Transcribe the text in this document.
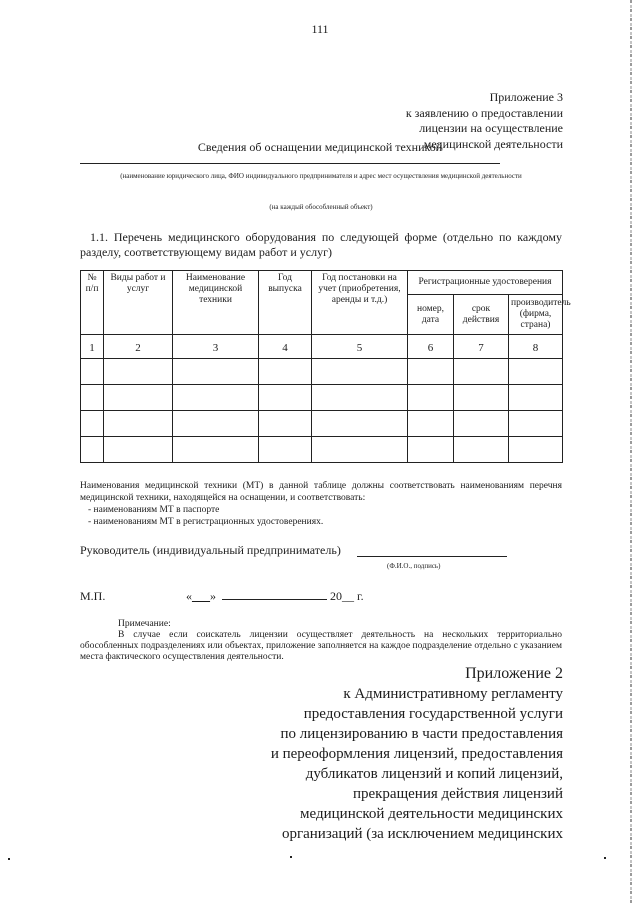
111
Приложение 3
к заявлению о предоставлении
лицензии на осуществление
медицинской деятельности
Сведения об оснащении медицинской техникой
(наименование юридического лица, ФИО индивидуального предпринимателя и адрес мест осуществления медицинской деятельности
(на каждый обособленный объект)
1.1. Перечень медицинского оборудования по следующей форме (отдельно по каждому разделу, соответствующему видам работ и услуг)
№ п/п	Виды работ и услуг	Наименование медицинской техники	Год выпуска	Год постановки на учет (приобретения, аренды и т.д.)	Регистрационные удостоверения		
					номер, дата	срок действия	производитель (фирма, страна)
1	2	3	4	5	6	7	8

Наименования медицинской техники (МТ) в данной таблице должны соответствовать наименованиям перечня медицинской техники, находящейся на оснащении, и соответствовать:

- наименованиям МТ в паспорте

- наименованиям МТ в регистрационных удостоверениях.

Руководитель (индивидуальный предприниматель)
(Ф.И.О., подпись)
М.П.	«___»	20__ г.

Примечание:

В случае если соискатель лицензии осуществляет деятельность на нескольких территориально обособленных подразделениях или объектах, приложение заполняется на каждое подразделение отдельно с указанием места фактического осуществления деятельности.

Приложение 2
к Административному регламенту
предоставления государственной услуги
по лицензированию в части предоставления
и переоформления лицензий, предоставления
дубликатов лицензий и копий лицензий,
прекращения действия лицензий
медицинской деятельности медицинских
организаций (за исключением медицинских
